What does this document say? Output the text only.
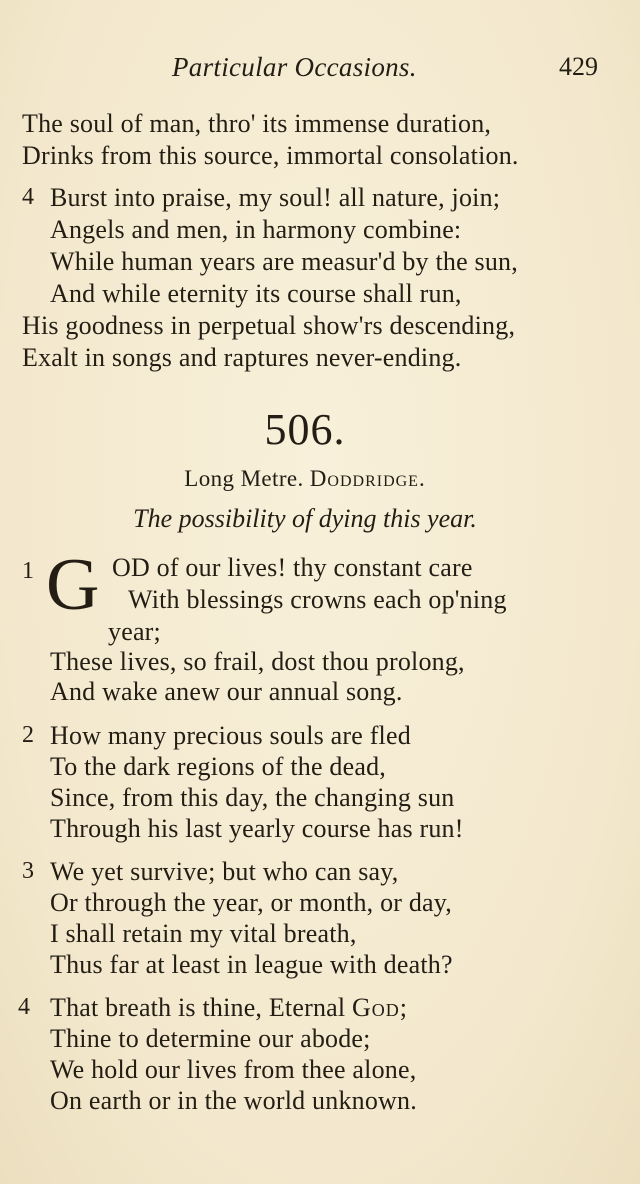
Particular Occasions.	429
The soul of man, thro' its immense duration,
Drinks from this source, immortal consolation.
4 Burst into praise, my soul! all nature, join;
Angels and men, in harmony combine:
While human years are measur'd by the sun,
And while eternity its course shall run,
His goodness in perpetual show'rs descending,
Exalt in songs and raptures never-ending.
506.
Long Metre. Doddridge.
The possibility of dying this year.
1 G OD of our lives! thy constant care
With blessings crowns each op'ning
year;
These lives, so frail, dost thou prolong,
And wake anew our annual song.
2 How many precious souls are fled
To the dark regions of the dead,
Since, from this day, the changing sun
Through his last yearly course has run!
3 We yet survive; but who can say,
Or through the year, or month, or day,
I shall retain my vital breath,
Thus far at least in league with death?
4 That breath is thine, Eternal God;
Thine to determine our abode;
We hold our lives from thee alone,
On earth or in the world unknown.
